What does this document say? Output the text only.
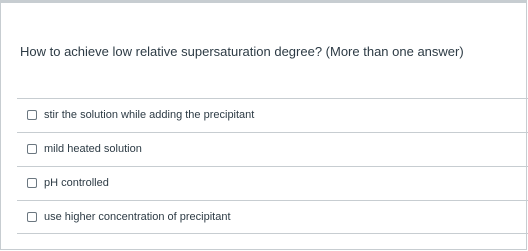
How to achieve low relative supersaturation degree? (More than one answer)
stir the solution while adding the precipitant
mild heated solution
pH controlled
use higher concentration of precipitant
